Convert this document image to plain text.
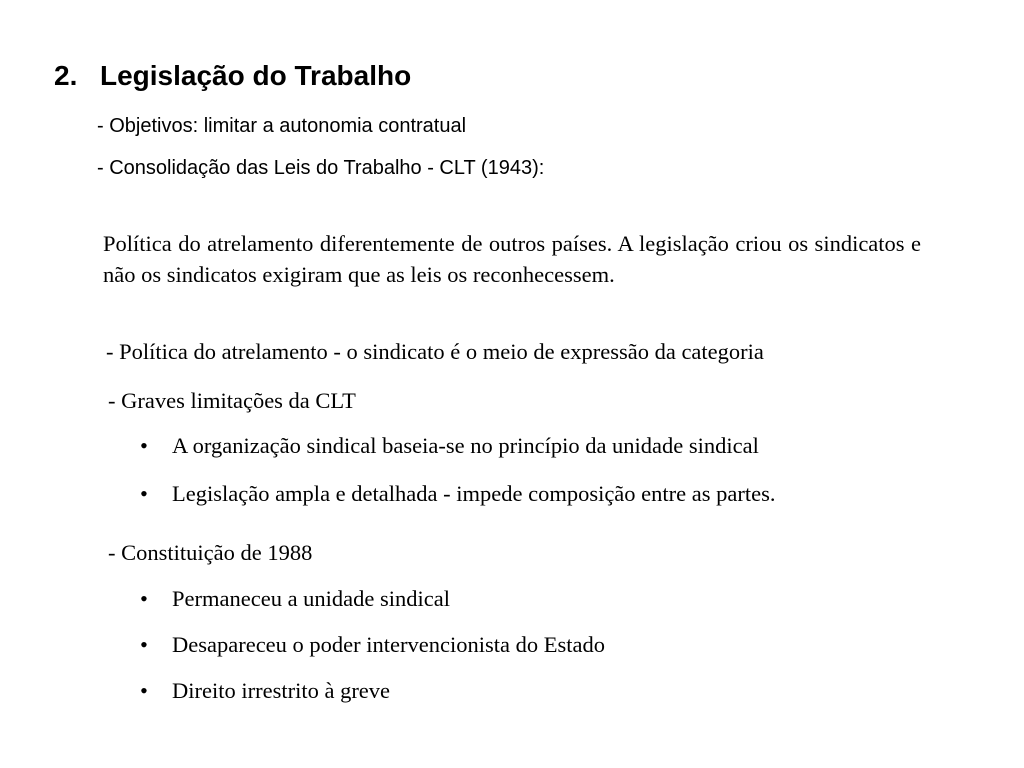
2. Legislação do Trabalho
- Objetivos: limitar a autonomia contratual
- Consolidação das Leis do Trabalho - CLT (1943):
Política do atrelamento diferentemente de outros países. A legislação criou os sindicatos e não os sindicatos exigiram que as leis os reconhecessem.
- Política do atrelamento - o sindicato é o meio de expressão da categoria
- Graves limitações da CLT
• A organização sindical baseia-se no princípio da unidade sindical
• Legislação ampla e detalhada - impede composição entre as partes.
- Constituição de 1988
• Permaneceu a unidade sindical
• Desapareceu o poder intervencionista do Estado
• Direito irrestrito à greve
